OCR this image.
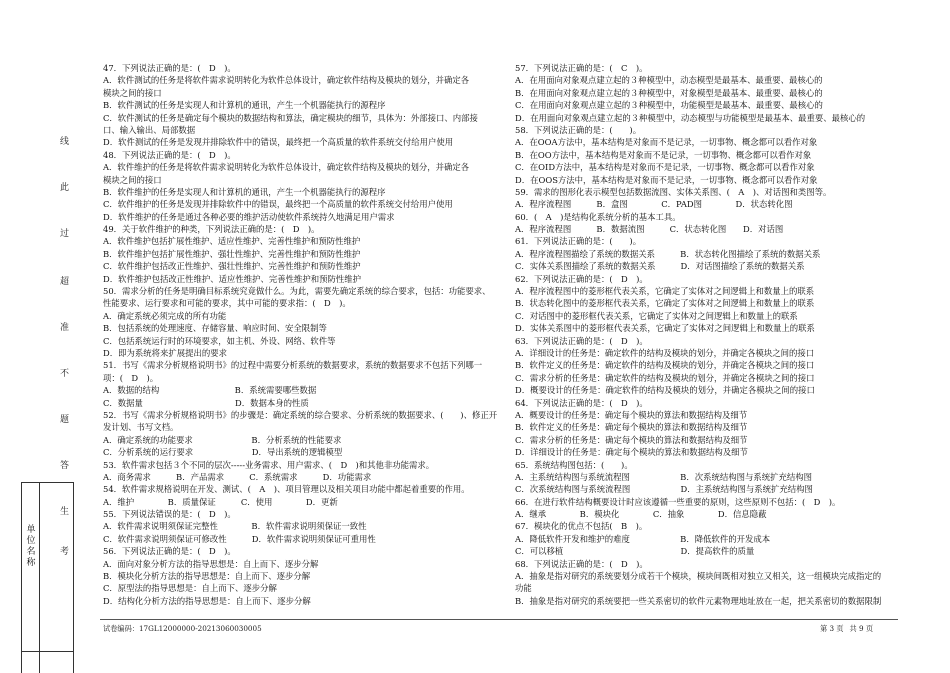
线
此
过
超
准
不
题
答
生
考
单位名称
47．下列说法正确的是：(　D　)。
A．软件测试的任务是将软件需求说明转化为软件总体设计，确定软件结构及模块的划分，并确定各
模块之间的接口
B．软件测试的任务是实现人和计算机的通讯，产生一个机器能执行的源程序
C．软件测试的任务是确定每个模块的数据结构和算法，确定模块的细节，具体为：外部接口、内部接
口、输入输出、局部数据
D．软件测试的任务是发现并排除软件中的错误，最终把一个高质量的软件系统交付给用户使用
48．下列说法正确的是：(　D　)。
A．软件维护的任务是将软件需求说明转化为软件总体设计，确定软件结构及模块的划分，并确定各
模块之间的接口
B．软件维护的任务是实现人和计算机的通讯，产生一个机器能执行的源程序
C．软件维护的任务是发现并排除软件中的错误，最终把一个高质量的软件系统交付给用户使用
D．软件维护的任务是通过各种必要的维护活动使软件系统持久地满足用户需求
49．关于软件维护的种类，下列说法正确的是：(　D　)。
A．软件维护包括扩展性维护、适应性维护、完善性维护和预防性维护
B．软件维护包括扩展性维护、强壮性维护、完善性维护和预防性维护
C．软件维护包括改正性维护、强壮性维护、完善性维护和预防性维护
D．软件维护包括改正性维护、适应性维护、完善性维护和预防性维护
50．需求分析的任务是明确目标系统究竟做什么。为此，需要先确定系统的综合要求，包括：功能要求、
性能要求、运行要求和可能的要求，其中可能的要求指：(　D　)。
A．确定系统必须完成的所有功能
B．包括系统的处理速度、存储容量、响应时间、安全限制等
C．包括系统运行时的环境要求，如主机、外设、网络、软件等
D．即为系统将来扩展提出的要求
51．书写《需求分析规格说明书》的过程中需要分析系统的数据要求，系统的数据要求不包括下列哪一
项：(　D　)。
A．数据的结构　　　　　　　　　B．系统需要哪些数据
C．数据量　　　　　　　　　　　D．数据本身的性质
52．书写《需求分析规格说明书》的步骤是：确定系统的综合要求、分析系统的数据要求、(　　)、修正开
发计划、书写文档。
A．确定系统的功能要求　　　　　　　B．分析系统的性能要求
C．分析系统的运行要求　　　　　　　D．导出系统的逻辑模型
53．软件需求包括３个不同的层次-----业务需求、用户需求、(　D　)和其他非功能需求。
A．商务需求　　　B．产品需求　　　C．系统需求　　　D．功能需求
54．软件需求规格说明在开发、测试、(　A　)、项目管理以及相关项目功能中都起着重要的作用。
A．维护　　　　B．质量保证　　　C．使用　　　　D．更新
55．下列说法错误的是：(　D　)。
A．软件需求说明须保证完整性　　　　B．软件需求说明须保证一致性
C．软件需求说明须保证可修改性　　　D．软件需求说明须保证可重用性
56．下列说法正确的是：(　D　)。
A．面向对象分析方法的指导思想是：自上而下、逐步分解
B．模块化分析方法的指导思想是：自上而下、逐步分解
C．原型法的指导思想是：自上而下、逐步分解
D．结构化分析方法的指导思想是：自上而下、逐步分解
57．下列说法正确的是：(　C　)。
A．在用面向对象观点建立起的３种模型中，动态模型是最基本、最重要、最核心的
B．在用面向对象观点建立起的３种模型中，对象模型是最基本、最重要、最核心的
C．在用面向对象观点建立起的３种模型中，功能模型是最基本、最重要、最核心的
D．在用面向对象观点建立起的３种模型中，动态模型与功能模型是最基本、最重要、最核心的
58．下列说法正确的是：(　　)。
A．在OOA方法中，基本结构是对象而不是记录，一切事物、概念都可以看作对象
B．在OO方法中，基本结构是对象而不是记录，一切事物、概念都可以看作对象
C．在OID方法中，基本结构是对象而不是记录，一切事物、概念都可以看作对象
D．在OOS方法中，基本结构是对象而不是记录，一切事物、概念都可以看作对象
59．需求的图形化表示模型包括数据流图、实体关系图、(　A　)、对话图和类图等。
A．程序流程图　　　B．盒图　　　　C．PAD图　　　　D．状态转化图
60．(　A　)是结构化系统分析的基本工具。
A．程序流程图　　　B．数据流图　　　C．状态转化图　　D．对话图
61．下列说法正确的是：(　　)。
A．程序流程图描绘了系统的数据关系　　　B．状态转化图描绘了系统的数据关系
C．实体关系图描绘了系统的数据关系　　　D．对话图描绘了系统的数据关系
62．下列说法正确的是：(　D　)。
A．程序流程图中的菱形框代表关系，它确定了实体对之间逻辑上和数量上的联系
B．状态转化图中的菱形框代表关系，它确定了实体对之间逻辑上和数量上的联系
C．对话图中的菱形框代表关系，它确定了实体对之间逻辑上和数量上的联系
D．实体关系图中的菱形框代表关系，它确定了实体对之间逻辑上和数量上的联系
63．下列说法正确的是：(　D　)。
A．详细设计的任务是：确定软件的结构及模块的划分，并确定各模块之间的接口
B．软件定义的任务是：确定软件的结构及模块的划分，并确定各模块之间的接口
C．需求分析的任务是：确定软件的结构及模块的划分，并确定各模块之间的接口
D．概要设计的任务是：确定软件的结构及模块的划分，并确定各模块之间的接口
64．下列说法正确的是：(　D　)。
A．概要设计的任务是：确定每个模块的算法和数据结构及细节
B．软件定义的任务是：确定每个模块的算法和数据结构及细节
C．需求分析的任务是：确定每个模块的算法和数据结构及细节
D．详细设计的任务是：确定每个模块的算法和数据结构及细节
65．系统结构图包括：(　　)。
A．主系统结构图与系统流程图　　　　　　B．次系统结构图与系统扩充结构图
C．次系统结构图与系统流程图　　　　　　D．主系统结构图与系统扩充结构图
66．在进行软件结构概要设计时应该遵循一些重要的原则，这些原则不包括：(　D　)。
A．继承　　　　B．模块化　　　　C．抽象　　　　D．信息隐蔽
67．模块化的优点不包括(　B　)。
A．降低软件开发和维护的难度　　　　　　B．降低软件的开发成本
C．可以移植　　　　　　　　　　　　　　D．提高软件的质量
68．下列说法正确的是：(　D　)。
A．抽象是指对研究的系统要划分成若干个模块，模块间既相对独立又相关，这一组模块完成指定的
功能
B．抽象是指对研究的系统要把一些关系密切的软件元素物理地址放在一起，把关系密切的数据限制
试卷编码：17GL12000000-20213060030005	第 3 页 共 9 页
